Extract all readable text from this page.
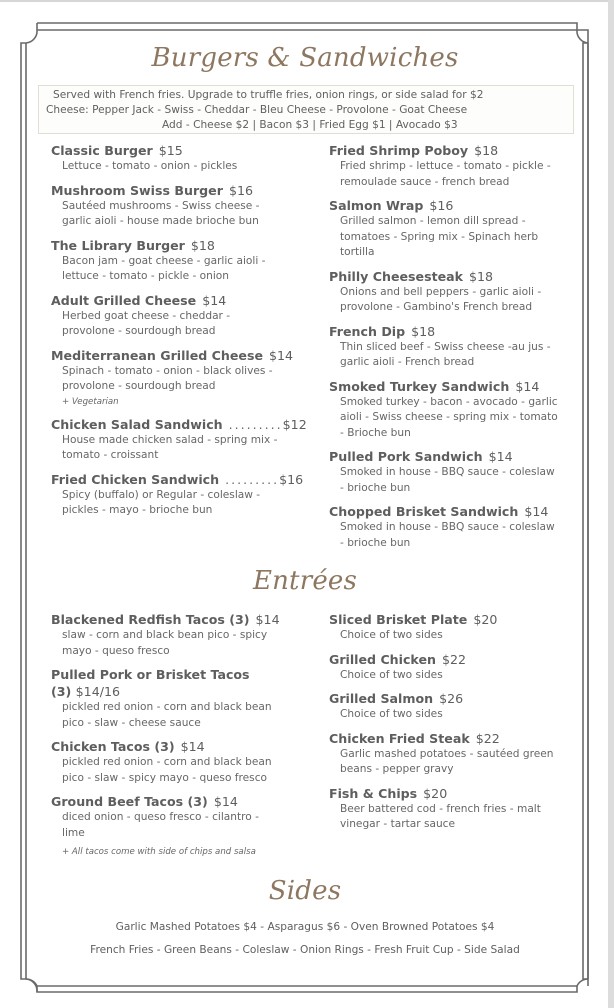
Burgers & Sandwiches
Served with French fries. Upgrade to truffle fries, onion rings, or side salad for $2
Cheese: Pepper Jack - Swiss - Cheddar - Bleu Cheese - Provolone - Goat Cheese
Add - Cheese $2 | Bacon $3 | Fried Egg $1 | Avocado $3
Classic Burger $15
Lettuce - tomato - onion - pickles
Mushroom Swiss Burger $16
Sautéed mushrooms - Swiss cheese - garlic aioli - house made brioche bun
The Library Burger $18
Bacon jam - goat cheese - garlic aioli - lettuce - tomato - pickle - onion
Adult Grilled Cheese $14
Herbed goat cheese - cheddar - provolone - sourdough bread
Mediterranean Grilled Cheese $14
Spinach - tomato - onion - black olives - provolone - sourdough bread
+ Vegetarian
Chicken Salad Sandwich .........$12
House made chicken salad - spring mix - tomato - croissant
Fried Chicken Sandwich .........$16
Spicy (buffalo) or Regular - coleslaw - pickles - mayo - brioche bun
Fried Shrimp Poboy $18
Fried shrimp - lettuce - tomato - pickle - remoulade sauce - french bread
Salmon Wrap $16
Grilled salmon - lemon dill spread - tomatoes - Spring mix - Spinach herb tortilla
Philly Cheesesteak $18
Onions and bell peppers - garlic aioli - provolone - Gambino's French bread
French Dip $18
Thin sliced beef - Swiss cheese -au jus - garlic aioli - French bread
Smoked Turkey Sandwich $14
Smoked turkey - bacon - avocado - garlic aioli - Swiss cheese - spring mix - tomato - Brioche bun
Pulled Pork Sandwich $14
Smoked in house - BBQ sauce - coleslaw - brioche bun
Chopped Brisket Sandwich $14
Smoked in house - BBQ sauce - coleslaw - brioche bun
Entrées
Blackened Redfish Tacos (3) $14
slaw - corn and black bean pico - spicy mayo - queso fresco
Pulled Pork or Brisket Tacos (3) $14/16
pickled red onion - corn and black bean pico - slaw - cheese sauce
Chicken Tacos (3) $14
pickled red onion - corn and black bean pico - slaw - spicy mayo - queso fresco
Ground Beef Tacos (3) $14
diced onion - queso fresco - cilantro - lime
+ All tacos come with side of chips and salsa
Sliced Brisket Plate $20
Choice of two sides
Grilled Chicken $22
Choice of two sides
Grilled Salmon $26
Choice of two sides
Chicken Fried Steak $22
Garlic mashed potatoes - sautéed green beans - pepper gravy
Fish & Chips $20
Beer battered cod - french fries - malt vinegar - tartar sauce
Sides
Garlic Mashed Potatoes $4 - Asparagus $6 - Oven Browned Potatoes $4
French Fries - Green Beans - Coleslaw - Onion Rings - Fresh Fruit Cup - Side Salad
